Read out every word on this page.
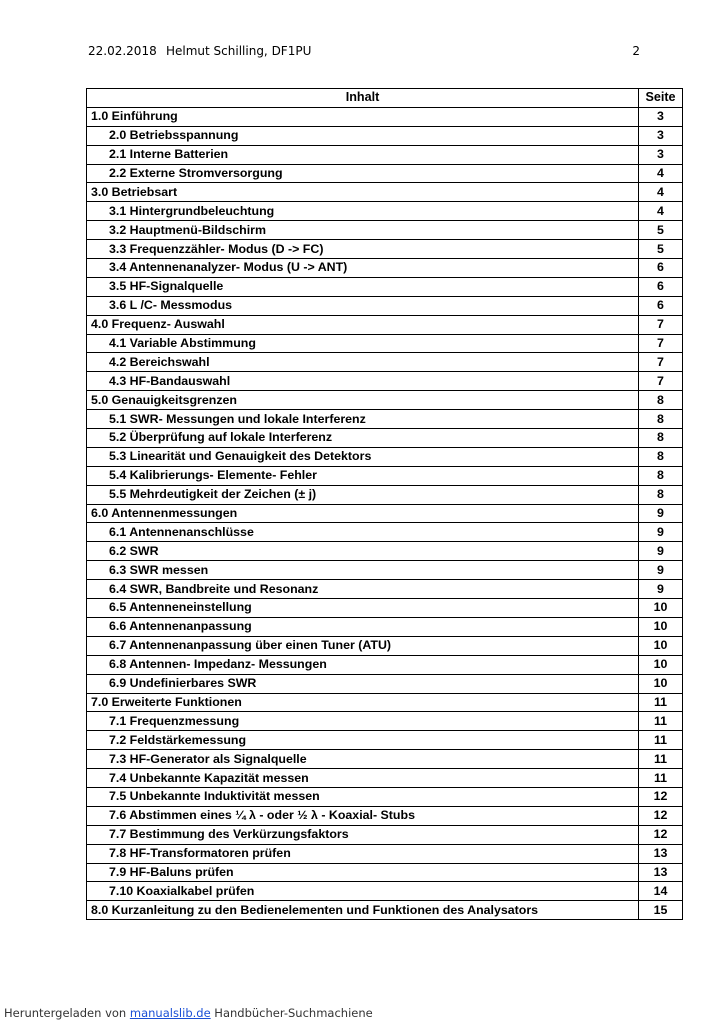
22.02.2018 Helmut Schilling, DF1PU	2
Inhalt	Seite
1.0 Einführung	3
2.0 Betriebsspannung	3
2.1 Interne Batterien	3
2.2 Externe Stromversorgung	4
3.0 Betriebsart	4
3.1 Hintergrundbeleuchtung	4
3.2 Hauptmenü-Bildschirm	5
3.3 Frequenzzähler- Modus (D -> FC)	5
3.4 Antennenanalyzer- Modus (U -> ANT)	6
3.5 HF-Signalquelle	6
3.6 L /C- Messmodus	6
4.0 Frequenz- Auswahl	7
4.1 Variable Abstimmung	7
4.2 Bereichswahl	7
4.3 HF-Bandauswahl	7
5.0 Genauigkeitsgrenzen	8
5.1 SWR- Messungen und lokale Interferenz	8
5.2 Überprüfung auf lokale Interferenz	8
5.3 Linearität und Genauigkeit des Detektors	8
5.4 Kalibrierungs- Elemente- Fehler	8
5.5 Mehrdeutigkeit der Zeichen (± j)	8
6.0 Antennenmessungen	9
6.1 Antennenanschlüsse	9
6.2 SWR	9
6.3 SWR messen	9
6.4 SWR, Bandbreite und Resonanz	9
6.5 Antenneneinstellung	10
6.6 Antennenanpassung	10
6.7 Antennenanpassung über einen Tuner (ATU)	10
6.8 Antennen- Impedanz- Messungen	10
6.9 Undefinierbares SWR	10
7.0 Erweiterte Funktionen	11
7.1 Frequenzmessung	11
7.2 Feldstärkemessung	11
7.3 HF-Generator als Signalquelle	11
7.4 Unbekannte Kapazität messen	11
7.5 Unbekannte Induktivität messen	12
7.6 Abstimmen eines ¼ λ - oder ½ λ - Koaxial- Stubs	12
7.7 Bestimmung des Verkürzungsfaktors	12
7.8 HF-Transformatoren prüfen	13
7.9 HF-Baluns prüfen	13
7.10 Koaxialkabel prüfen	14
8.0 Kurzanleitung zu den Bedienelementen und Funktionen des Analysators	15
Heruntergeladen von manualslib.de Handbücher-Suchmachiene
